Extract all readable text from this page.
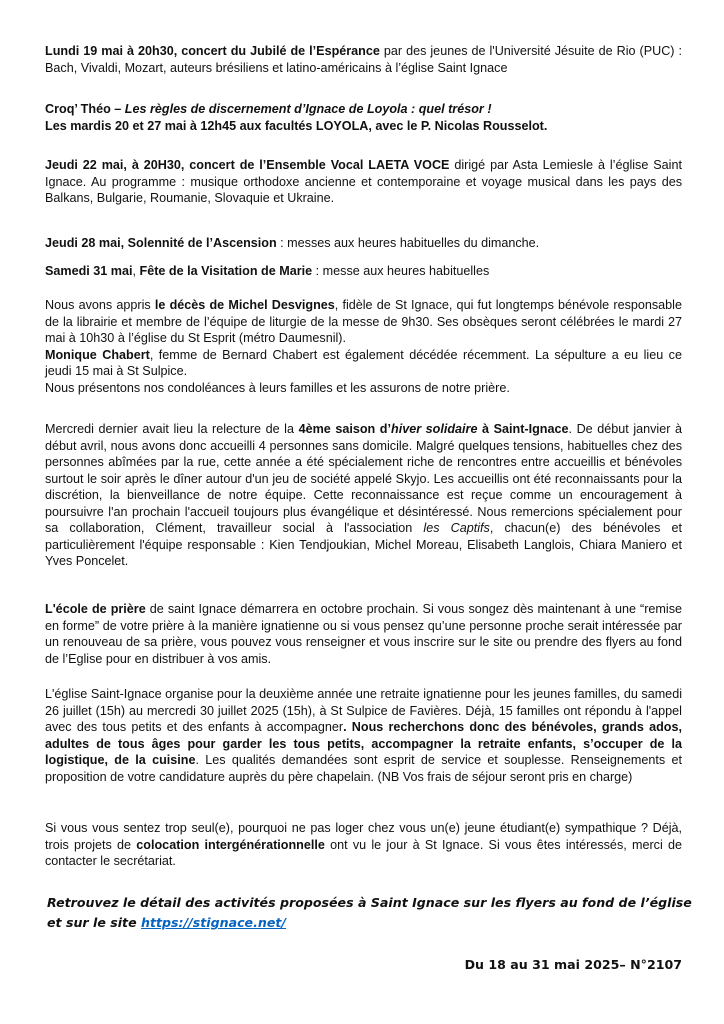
Lundi 19 mai à 20h30, concert du Jubilé de l’Espérance par des jeunes de l'Université Jésuite de Rio (PUC) : Bach, Vivaldi, Mozart, auteurs brésiliens et latino-américains à l’église Saint Ignace

Croq’ Théo – Les règles de discernement d’Ignace de Loyola : quel trésor !

Les mardis 20 et 27 mai à 12h45 aux facultés LOYOLA, avec le P. Nicolas Rousselot.

Jeudi 22 mai, à 20H30, concert de l’Ensemble Vocal LAETA VOCE dirigé par Asta Lemiesle à l’église Saint Ignace. Au programme : musique orthodoxe ancienne et contemporaine et voyage musical dans les pays des Balkans, Bulgarie, Roumanie, Slovaquie et Ukraine.
Jeudi 28 mai, Solennité de l’Ascension : messes aux heures habituelles du dimanche.
Samedi 31 mai, Fête de la Visitation de Marie : messe aux heures habituelles

Nous avons appris le décès de Michel Desvignes, fidèle de St Ignace, qui fut longtemps bénévole responsable de la librairie et membre de l’équipe de liturgie de la messe de 9h30. Ses obsèques seront célébrées le mardi 27 mai à 10h30 à l’église du St Esprit (métro Daumesnil).

Monique Chabert, femme de Bernard Chabert est également décédée récemment. La sépulture a eu lieu ce jeudi 15 mai à St Sulpice.

Nous présentons nos condoléances à leurs familles et les assurons de notre prière.

Mercredi dernier avait lieu la relecture de la 4ème saison d’hiver solidaire à Saint-Ignace. De début janvier à début avril, nous avons donc accueilli 4 personnes sans domicile. Malgré quelques tensions, habituelles chez des personnes abîmées par la rue, cette année a été spécialement riche de rencontres entre accueillis et bénévoles surtout le soir après le dîner autour d'un jeu de société appelé Skyjo. Les accueillis ont été reconnaissants pour la discrétion, la bienveillance de notre équipe. Cette reconnaissance est reçue comme un encouragement à poursuivre l'an prochain l'accueil toujours plus évangélique et désintéressé. Nous remercions spécialement pour sa collaboration, Clément, travailleur social à l'association les Captifs, chacun(e) des bénévoles et particulièrement l'équipe responsable : Kien Tendjoukian, Michel Moreau, Elisabeth Langlois, Chiara Maniero et Yves Poncelet.
L'école de prière de saint Ignace démarrera en octobre prochain. Si vous songez dès maintenant à une “remise en forme” de votre prière à la manière ignatienne ou si vous pensez qu’une personne proche serait intéressée par un renouveau de sa prière, vous pouvez vous renseigner et vous inscrire sur le site ou prendre des flyers au fond de l’Eglise pour en distribuer à vos amis.
L'église Saint-Ignace organise pour la deuxième année une retraite ignatienne pour les jeunes familles, du samedi 26 juillet (15h) au mercredi 30 juillet 2025 (15h), à St Sulpice de Favières. Déjà, 15 familles ont répondu à l'appel avec des tous petits et des enfants à accompagner. Nous recherchons donc des bénévoles, grands ados, adultes de tous âges pour garder les tous petits, accompagner la retraite enfants, s’occuper de la logistique, de la cuisine. Les qualités demandées sont esprit de service et souplesse. Renseignements et proposition de votre candidature auprès du père chapelain. (NB Vos frais de séjour seront pris en charge)
Si vous vous sentez trop seul(e), pourquoi ne pas loger chez vous un(e) jeune étudiant(e) sympathique ? Déjà, trois projets de colocation intergénérationnelle ont vu le jour à St Ignace. Si vous êtes intéressés, merci de contacter le secrétariat.
Retrouvez le détail des activités proposées à Saint Ignace sur les flyers au fond de l’église
et sur le site https://stignace.net/
Du 18 au 31 mai 2025– N°2107
